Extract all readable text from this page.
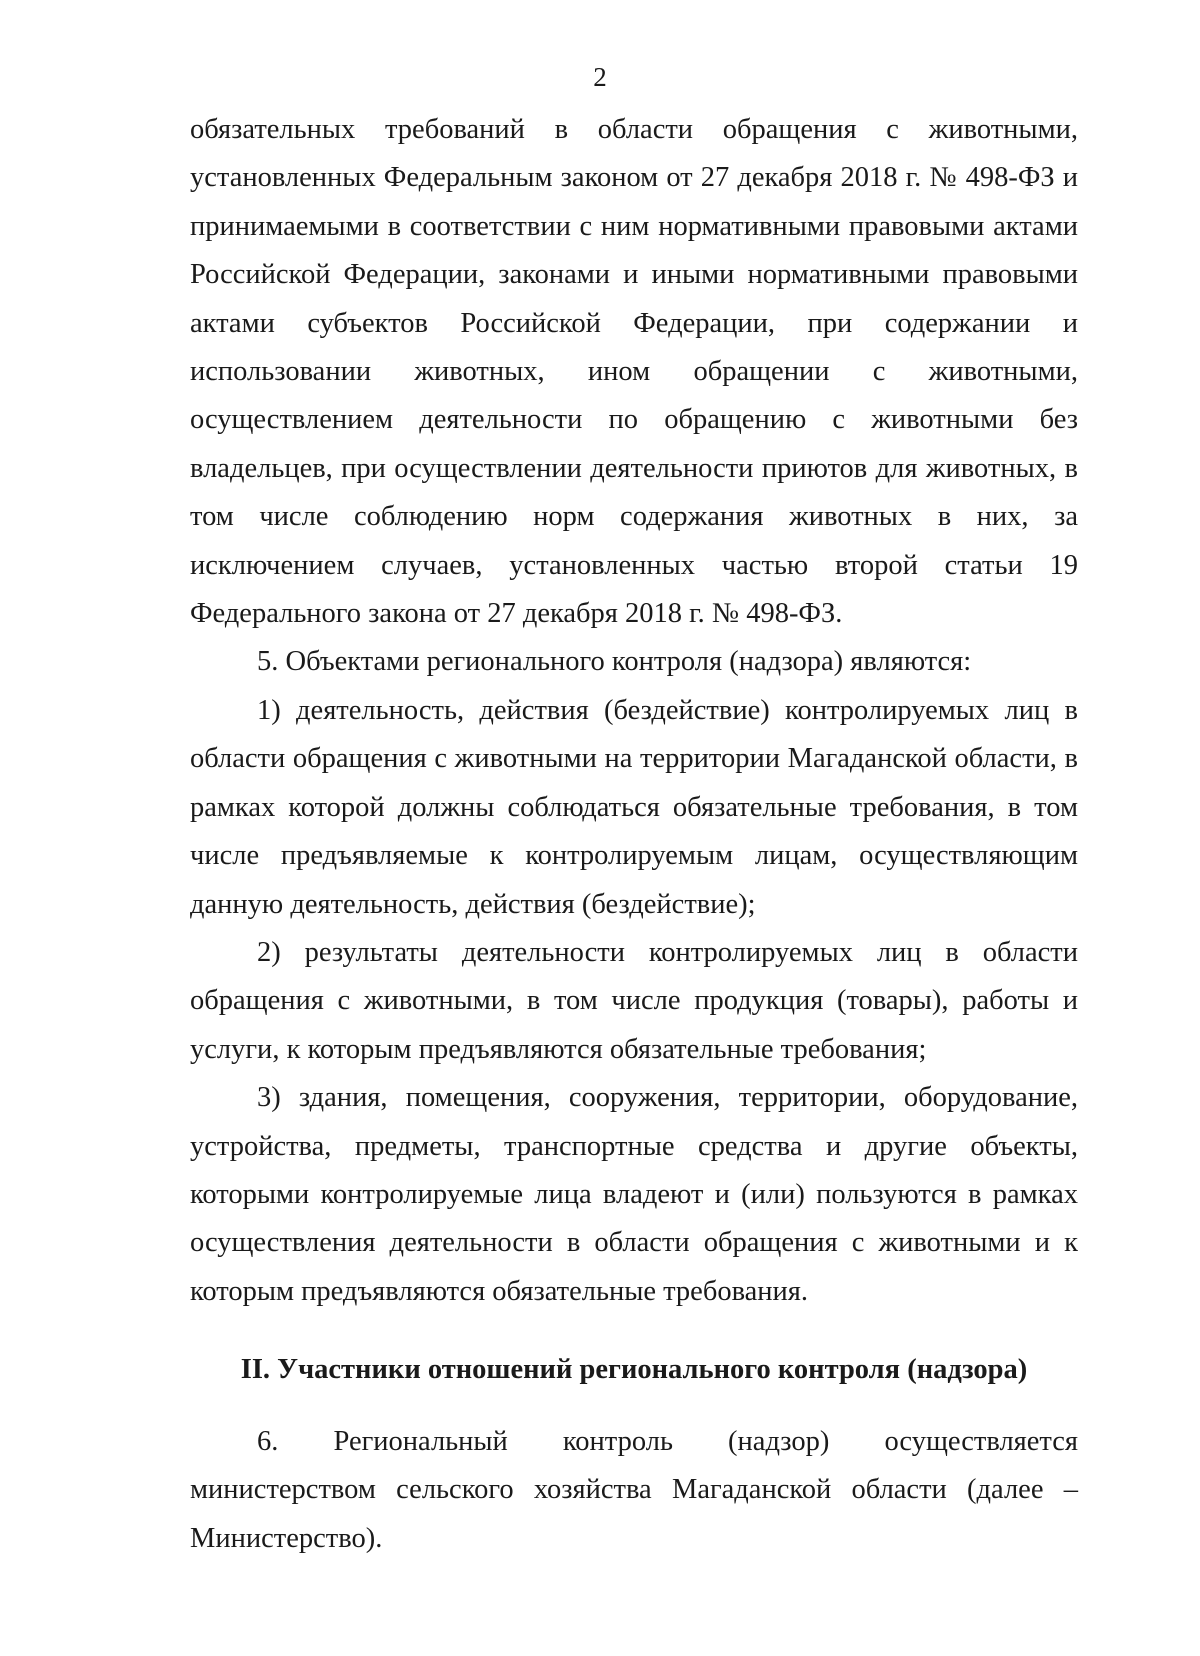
2

обязательных требований в области обращения с животными, установленных Федеральным законом от 27 декабря 2018 г. № 498-ФЗ и принимаемыми в соответствии с ним нормативными правовыми актами Российской Федерации, законами и иными нормативными правовыми актами субъектов Российской Федерации, при содержании и использовании животных, ином обращении с животными, осуществлением деятельности по обращению с животными без владельцев, при осуществлении деятельности приютов для животных, в том числе соблюдению норм содержания животных в них, за исключением случаев, установленных частью второй статьи 19 Федерального закона от 27 декабря 2018 г. № 498-ФЗ.

5. Объектами регионального контроля (надзора) являются:

1) деятельность, действия (бездействие) контролируемых лиц в области обращения с животными на территории Магаданской области, в рамках которой должны соблюдаться обязательные требования, в том числе предъявляемые к контролируемым лицам, осуществляющим данную деятельность, действия (бездействие);

2) результаты деятельности контролируемых лиц в области обращения с животными, в том числе продукция (товары), работы и услуги, к которым предъявляются обязательные требования;

3) здания, помещения, сооружения, территории, оборудование, устройства, предметы, транспортные средства и другие объекты, которыми контролируемые лица владеют и (или) пользуются в рамках осуществления деятельности в области обращения с животными и к которым предъявляются обязательные требования.

II. Участники отношений регионального контроля (надзора)

6. Региональный контроль (надзор) осуществляется министерством сельского хозяйства Магаданской области (далее – Министерство).
